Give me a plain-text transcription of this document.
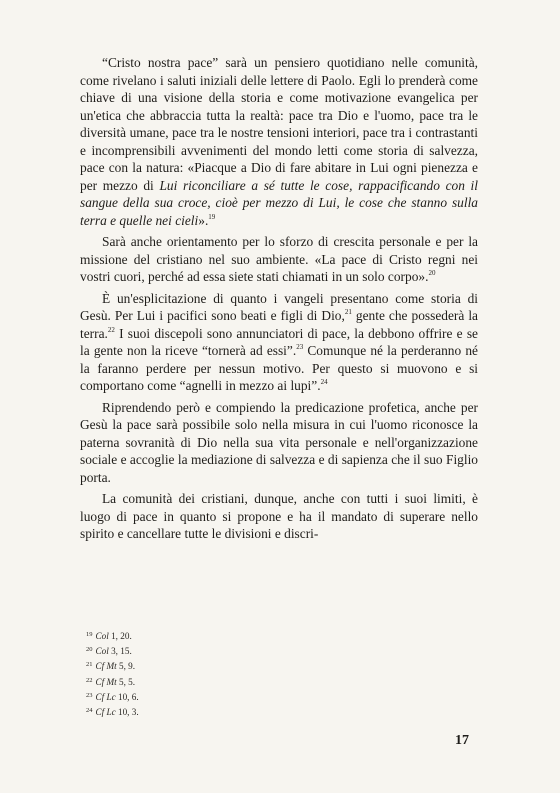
“Cristo nostra pace” sarà un pensiero quotidiano nelle comunità, come rivelano i saluti iniziali delle lettere di Paolo. Egli lo prenderà come chiave di una visione della storia e come motivazione evangelica per un'etica che abbraccia tutta la realtà: pace tra Dio e l'uomo, pace tra le diversità umane, pace tra le nostre tensioni interiori, pace tra i contrastanti e incomprensibili avvenimenti del mondo letti come storia di salvezza, pace con la natura: «Piacque a Dio di fare abitare in Lui ogni pienezza e per mezzo di Lui riconciliare a sé tutte le cose, rappacificando con il sangue della sua croce, cioè per mezzo di Lui, le cose che stanno sulla terra e quelle nei cieli».$^{19}$

Sarà anche orientamento per lo sforzo di crescita personale e per la missione del cristiano nel suo ambiente. «La pace di Cristo regni nei vostri cuori, perché ad essa siete stati chiamati in un solo corpo».$^{20}$

È un'esplicitazione di quanto i vangeli presentano come storia di Gesù. Per Lui i pacifici sono beati e figli di Dio,$^{21}$ gente che possederà la terra.$^{22}$ I suoi discepoli sono annunciatori di pace, la debbono offrire e se la gente non la riceve “tornerà ad essi”.$^{23}$ Comunque né la perderanno né la faranno perdere per nessun motivo. Per questo si muovono e si comportano come “agnelli in mezzo ai lupi”.$^{24}$

Riprendendo però e compiendo la predicazione profetica, anche per Gesù la pace sarà possibile solo nella misura in cui l'uomo riconosce la paterna sovranità di Dio nella sua vita personale e nell'organizzazione sociale e accoglie la mediazione di salvezza e di sapienza che il suo Figlio porta.

La comunità dei cristiani, dunque, anche con tutti i suoi limiti, è luogo di pace in quanto si propone e ha il mandato di superare nello spirito e cancellare tutte le divisioni e discri-

$^{19}$ Col 1, 20.
$^{20}$ Col 3, 15.
$^{21}$ Cf Mt 5, 9.
$^{22}$ Cf Mt 5, 5.
$^{23}$ Cf Lc 10, 6.
$^{24}$ Cf Lc 10, 3.
17
